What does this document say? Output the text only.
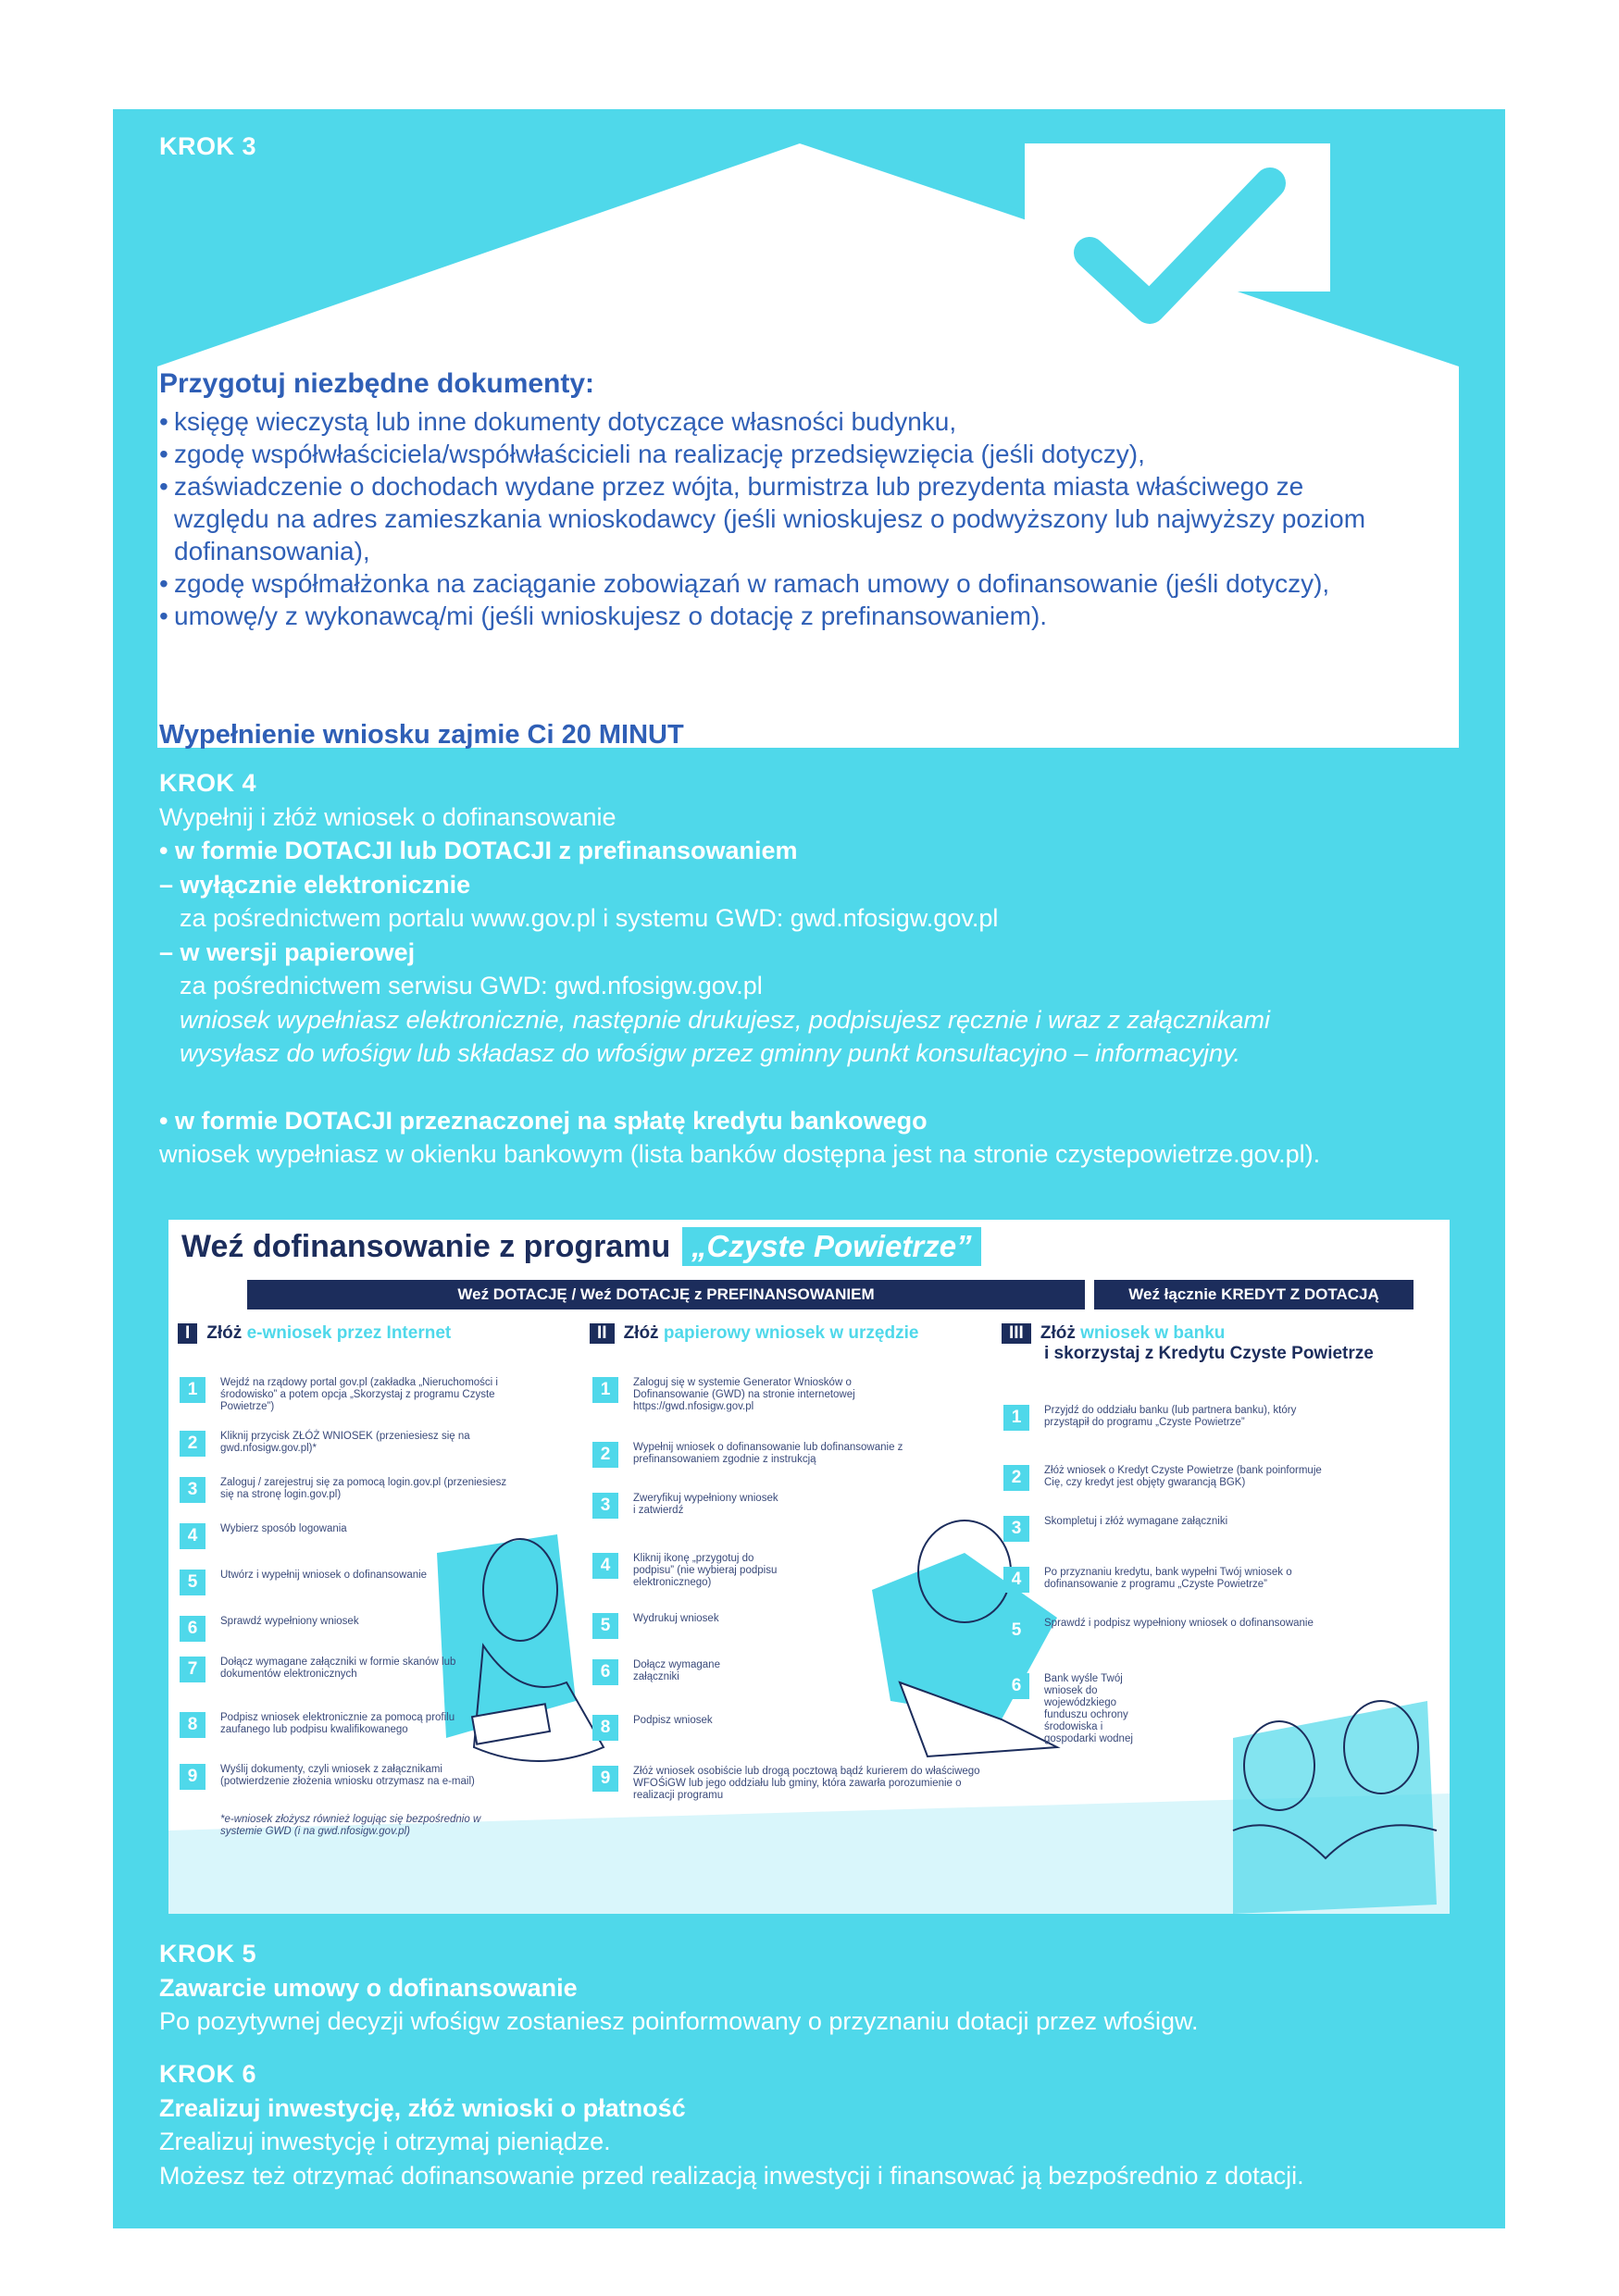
KROK 3
Przygotuj niezbędne dokumenty:
• księgę wieczystą lub inne dokumenty dotyczące własności budynku,
• zgodę współwłaściciela/współwłaścicieli na realizację przedsięwzięcia (jeśli dotyczy),
• zaświadczenie o dochodach wydane przez wójta, burmistrza lub prezydenta miasta właściwego ze
względu na adres zamieszkania wnioskodawcy (jeśli wnioskujesz o podwyższony lub najwyższy poziom
dofinansowania),
• zgodę współmałżonka na zaciąganie zobowiązań w ramach umowy o dofinansowanie (jeśli dotyczy),
• umowę/y z wykonawcą/mi (jeśli wnioskujesz o dotację z prefinansowaniem).
Wypełnienie wniosku zajmie Ci 20 MINUT
KROK 4
Wypełnij i złóż wniosek o dofinansowanie
• w formie DOTACJI lub DOTACJI z prefinansowaniem
– wyłącznie elektronicznie
za pośrednictwem portalu www.gov.pl i systemu GWD: gwd.nfosigw.gov.pl
– w wersji papierowej
za pośrednictwem serwisu GWD: gwd.nfosigw.gov.pl
wniosek wypełniasz elektronicznie, następnie drukujesz, podpisujesz ręcznie i wraz z załącznikami
wysyłasz do wfośigw lub składasz do wfośigw przez gminny punkt konsultacyjno – informacyjny.
• w formie DOTACJI przeznaczonej na spłatę kredytu bankowego
wniosek wypełniasz w okienku bankowym (lista banków dostępna jest na stronie czystepowietrze.gov.pl).
Weź dofinansowanie z programu „Czyste Powietrze”
Weź DOTACJĘ / Weź DOTACJĘ z PREFINANSOWANIEM	Weź łącznie KREDYT Z DOTACJĄ
I Złóż e-wniosek przez Internet	II Złóż papierowy wniosek w urzędzie	III Złóż wniosek w banku
i skorzystaj z Kredytu Czyste Powietrze
1	Wejdź na rządowy portal gov.pl (zakładka „Nieruchomości i środowisko” a potem opcja „Skorzystaj z programu Czyste Powietrze”)
2	Kliknij przycisk ZŁÓŻ WNIOSEK (przeniesiesz się na gwd.nfosigw.gov.pl)*
3	Zaloguj / zarejestruj się za pomocą login.gov.pl (przeniesiesz się na stronę login.gov.pl)
4	Wybierz sposób logowania
5	Utwórz i wypełnij wniosek o dofinansowanie
6	Sprawdź wypełniony wniosek
7	Dołącz wymagane załączniki w formie skanów lub dokumentów elektronicznych
8	Podpisz wniosek elektronicznie za pomocą profilu zaufanego lub podpisu kwalifikowanego
9	Wyślij dokumenty, czyli wniosek z załącznikami (potwierdzenie złożenia wniosku otrzymasz na e-mail)
*e-wniosek złożysz również logując się bezpośrednio w systemie GWD (i na gwd.nfosigw.gov.pl)
1	Zaloguj się w systemie Generator Wniosków o Dofinansowanie (GWD) na stronie internetowej https://gwd.nfosigw.gov.pl
2	Wypełnij wniosek o dofinansowanie lub dofinansowanie z prefinansowaniem zgodnie z instrukcją
3	Zweryfikuj wypełniony wniosek i zatwierdź
4	Kliknij ikonę „przygotuj do podpisu” (nie wybieraj podpisu elektronicznego)
5	Wydrukuj wniosek
6	Dołącz wymagane załączniki
8	Podpisz wniosek
9	Złóż wniosek osobiście lub drogą pocztową bądź kurierem do właściwego WFOŚiGW lub jego oddziału lub gminy, która zawarła porozumienie o realizacji programu
1	Przyjdź do oddziału banku (lub partnera banku), który przystąpił do programu „Czyste Powietrze”
2	Złóż wniosek o Kredyt Czyste Powietrze (bank poinformuje Cię, czy kredyt jest objęty gwarancją BGK)
3	Skompletuj i złóż wymagane załączniki
4	Po przyznaniu kredytu, bank wypełni Twój wniosek o dofinansowanie z programu „Czyste Powietrze”
5	Sprawdź i podpisz wypełniony wniosek o dofinansowanie
6	Bank wyśle Twój wniosek do wojewódzkiego funduszu ochrony środowiska i gospodarki wodnej
KROK 5
Zawarcie umowy o dofinansowanie
Po pozytywnej decyzji wfośigw zostaniesz poinformowany o przyznaniu dotacji przez wfośigw.
KROK 6
Zrealizuj inwestycję, złóż wnioski o płatność
Zrealizuj inwestycję i otrzymaj pieniądze.
Możesz też otrzymać dofinansowanie przed realizacją inwestycji i finansować ją bezpośrednio z dotacji.
